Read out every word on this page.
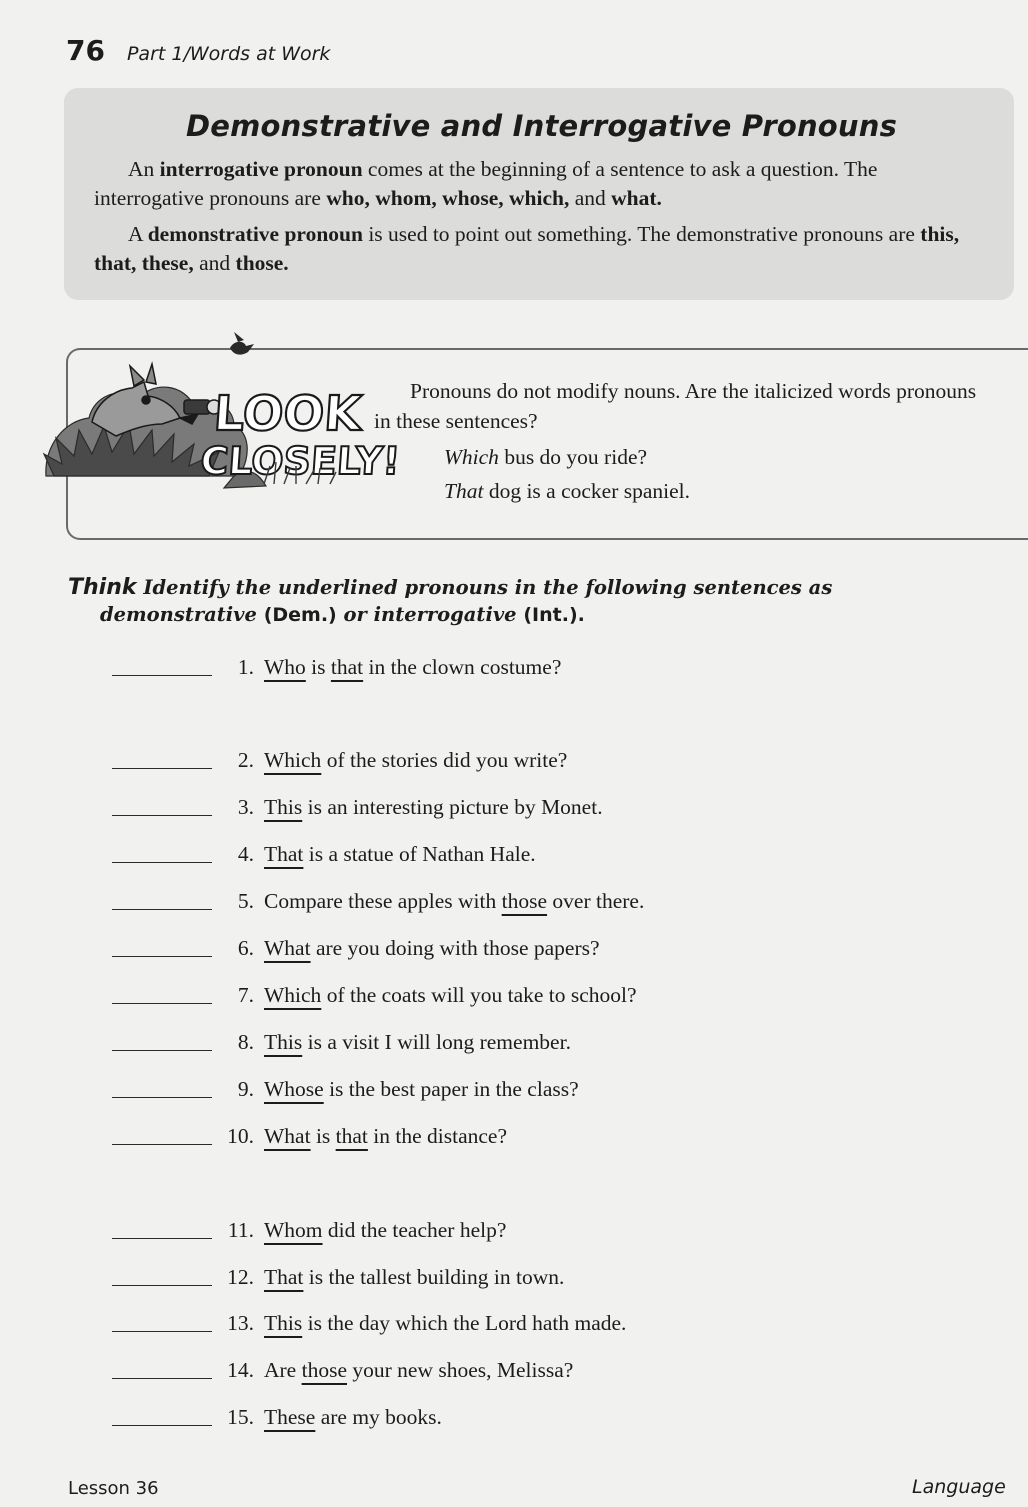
76 Part 1/Words at Work
Demonstrative and Interrogative Pronouns

An interrogative pronoun comes at the beginning of a sentence to ask a question. The interrogative pronouns are who, whom, whose, which, and what.

A demonstrative pronoun is used to point out something. The demonstrative pronouns are this, that, these, and those.

LOOK
CLOSELY!

Pronouns do not modify nouns. Are the italicized words pronouns in these sentences?

Which bus do you ride?

That dog is a cocker spaniel.

Think Identify the underlined pronouns in the following sentences as
demonstrative (Dem.) or interrogative (Int.).
1. Who is that in the clown costume?
2. Which of the stories did you write?
3. This is an interesting picture by Monet.
4. That is a statue of Nathan Hale.
5. Compare these apples with those over there.
6. What are you doing with those papers?
7. Which of the coats will you take to school?
8. This is a visit I will long remember.
9. Whose is the best paper in the class?
10. What is that in the distance?
11. Whom did the teacher help?
12. That is the tallest building in town.
13. This is the day which the Lord hath made.
14. Are those your new shoes, Melissa?
15. These are my books.
Lesson 36	Language
